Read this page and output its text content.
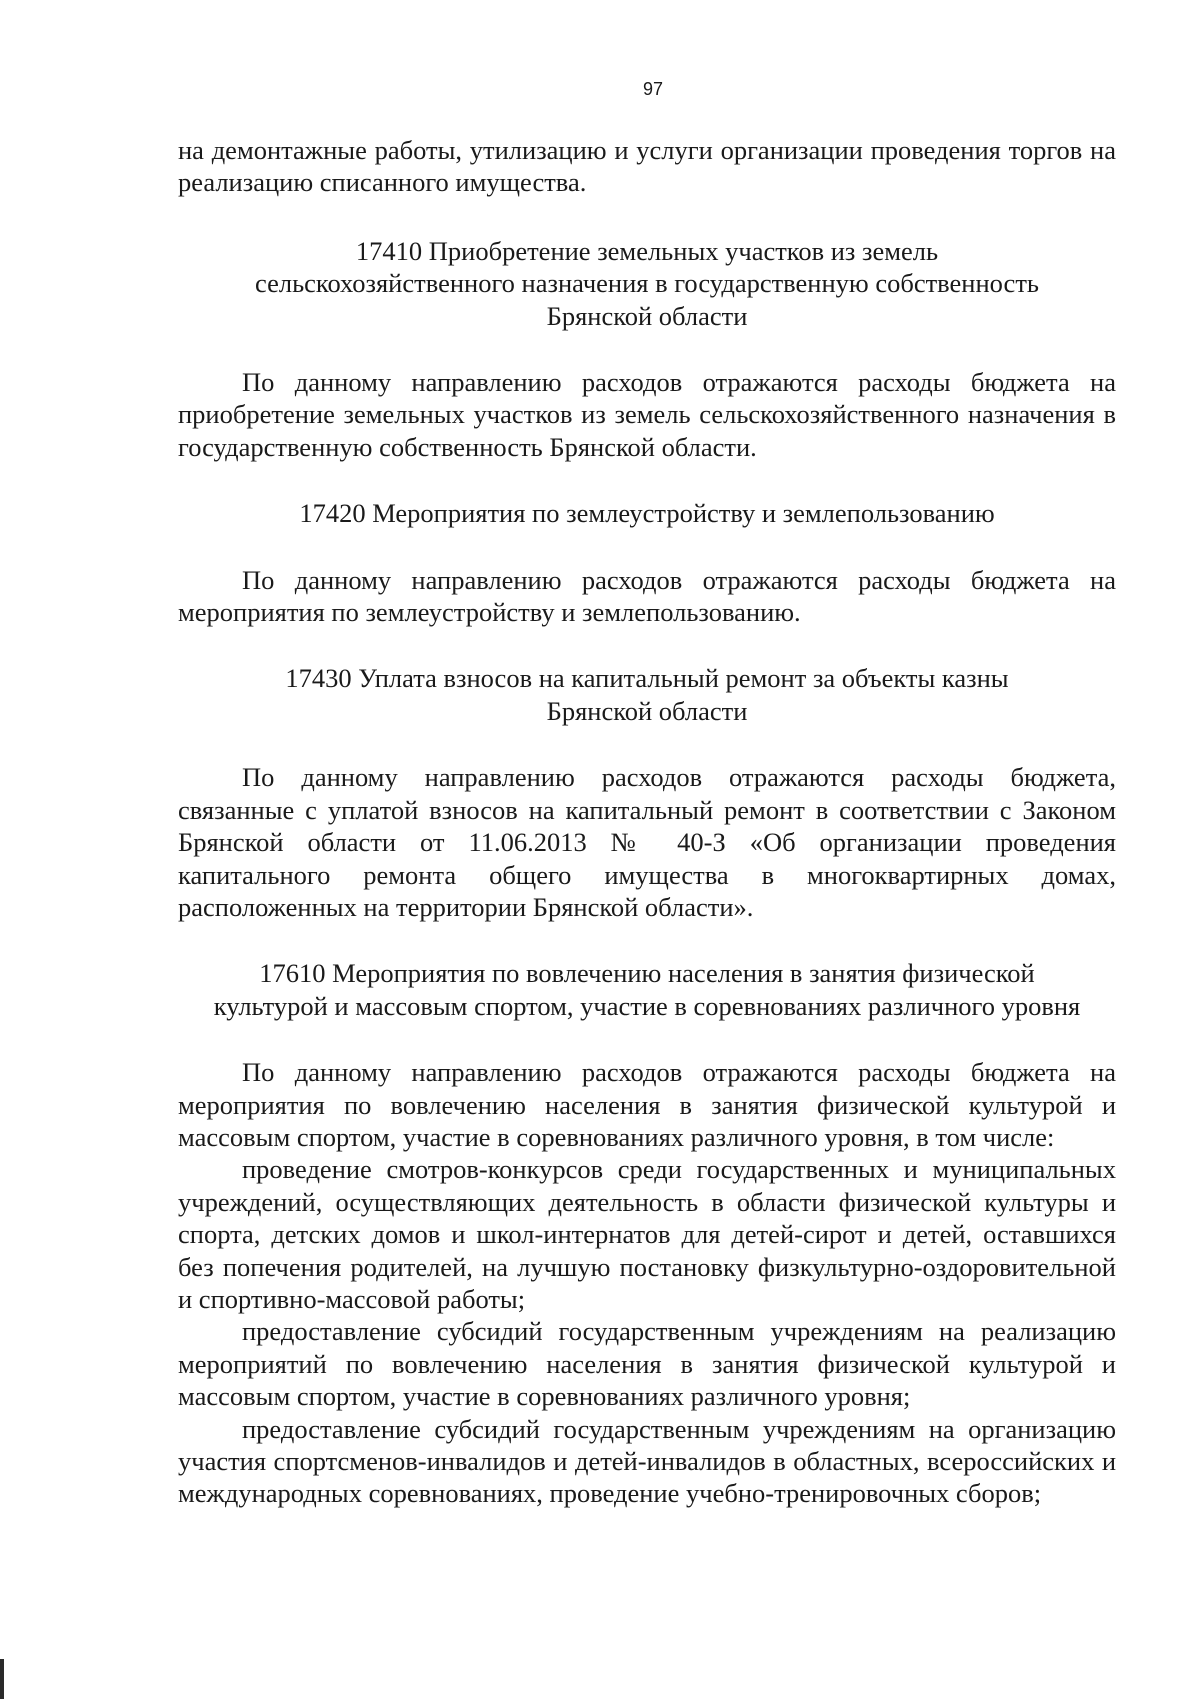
97

на демонтажные работы, утилизацию и услуги организации проведения торгов на реализацию списанного имущества.

17410 Приобретение земельных участков из земель
сельскохозяйственного назначения в государственную собственность
Брянской области

По данному направлению расходов отражаются расходы бюджета на приобретение земельных участков из земель сельскохозяйственного назначения в государственную собственность Брянской области.

17420 Мероприятия по землеустройству и землепользованию

По данному направлению расходов отражаются расходы бюджета на мероприятия по землеустройству и землепользованию.

17430 Уплата взносов на капитальный ремонт за объекты казны
Брянской области

По данному направлению расходов отражаются расходы бюджета, связанные с уплатой взносов на капитальный ремонт в соответствии с Законом Брянской области от 11.06.2013 № 40-З «Об организации проведения капитального ремонта общего имущества в многоквартирных домах, расположенных на территории Брянской области».

17610 Мероприятия по вовлечению населения в занятия физической
культурой и массовым спортом, участие в соревнованиях различного уровня

По данному направлению расходов отражаются расходы бюджета на мероприятия по вовлечению населения в занятия физической культурой и массовым спортом, участие в соревнованиях различного уровня, в том числе:

проведение смотров-конкурсов среди государственных и муниципальных учреждений, осуществляющих деятельность в области физической культуры и спорта, детских домов и школ-интернатов для детей-сирот и детей, оставшихся без попечения родителей, на лучшую постановку физкультурно-оздоровительной и спортивно-массовой работы;

предоставление субсидий государственным учреждениям на реализацию мероприятий по вовлечению населения в занятия физической культурой и массовым спортом, участие в соревнованиях различного уровня;

предоставление субсидий государственным учреждениям на организацию участия спортсменов-инвалидов и детей-инвалидов в областных, всероссийских и международных соревнованиях, проведение учебно-тренировочных сборов;
